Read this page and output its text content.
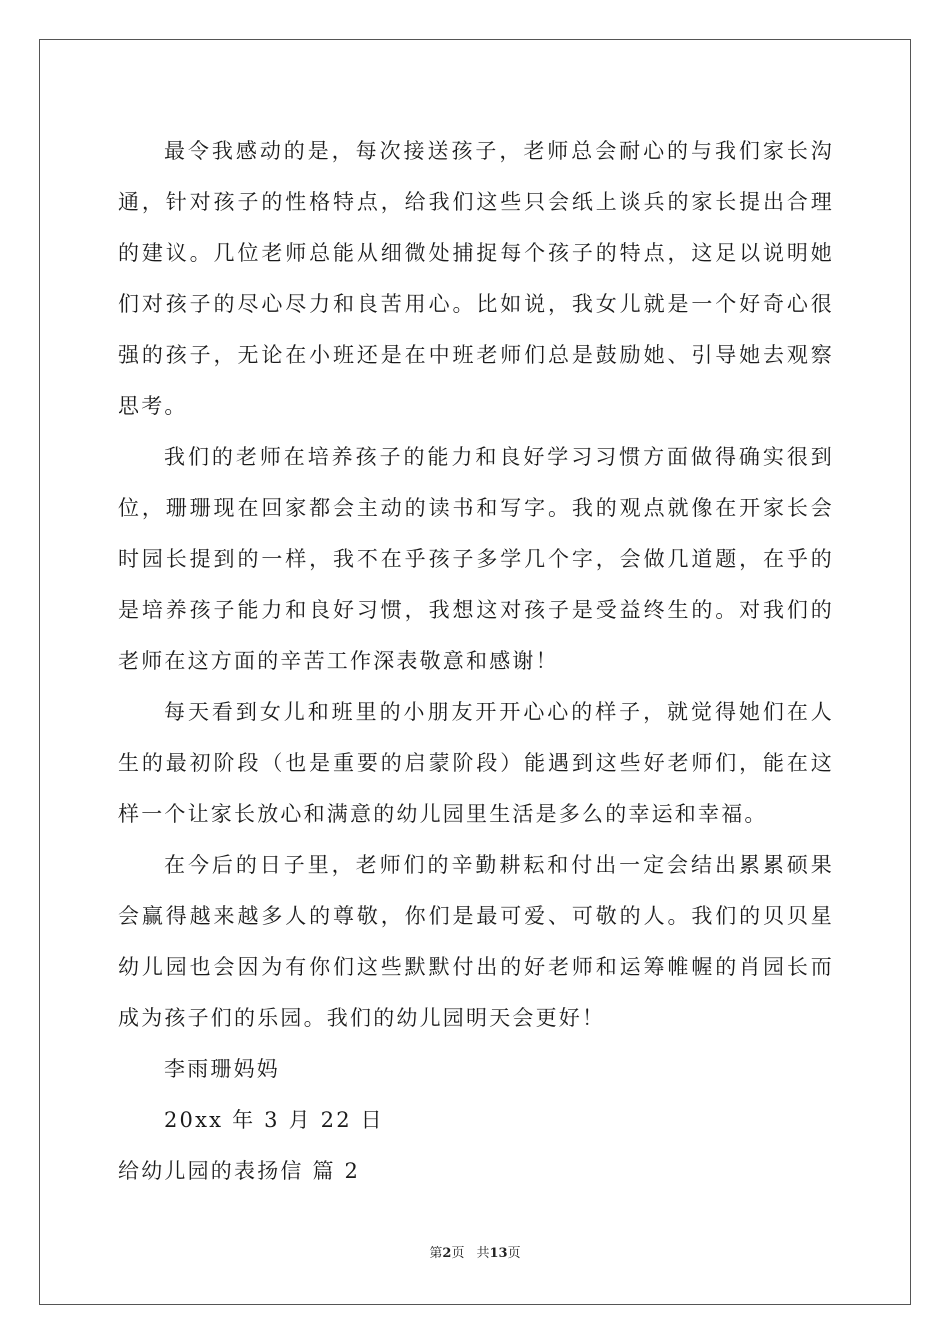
最令我感动的是，每次接送孩子，老师总会耐心的与我们家长沟通，针对孩子的性格特点，给我们这些只会纸上谈兵的家长提出合理的建议。几位老师总能从细微处捕捉每个孩子的特点，这足以说明她们对孩子的尽心尽力和良苦用心。比如说，我女儿就是一个好奇心很强的孩子，无论在小班还是在中班老师们总是鼓励她、引导她去观察思考。

我们的老师在培养孩子的能力和良好学习习惯方面做得确实很到位，珊珊现在回家都会主动的读书和写字。我的观点就像在开家长会时园长提到的一样，我不在乎孩子多学几个字，会做几道题，在乎的是培养孩子能力和良好习惯，我想这对孩子是受益终生的。对我们的老师在这方面的辛苦工作深表敬意和感谢！

每天看到女儿和班里的小朋友开开心心的样子，就觉得她们在人生的最初阶段（也是重要的启蒙阶段）能遇到这些好老师们，能在这样一个让家长放心和满意的幼儿园里生活是多么的幸运和幸福。

在今后的日子里，老师们的辛勤耕耘和付出一定会结出累累硕果会赢得越来越多人的尊敬，你们是最可爱、可敬的人。我们的贝贝星幼儿园也会因为有你们这些默默付出的好老师和运筹帷幄的肖园长而成为孩子们的乐园。我们的幼儿园明天会更好！

李雨珊妈妈

20xx 年 3 月 22 日

给幼儿园的表扬信 篇 2

第2页 共13页
